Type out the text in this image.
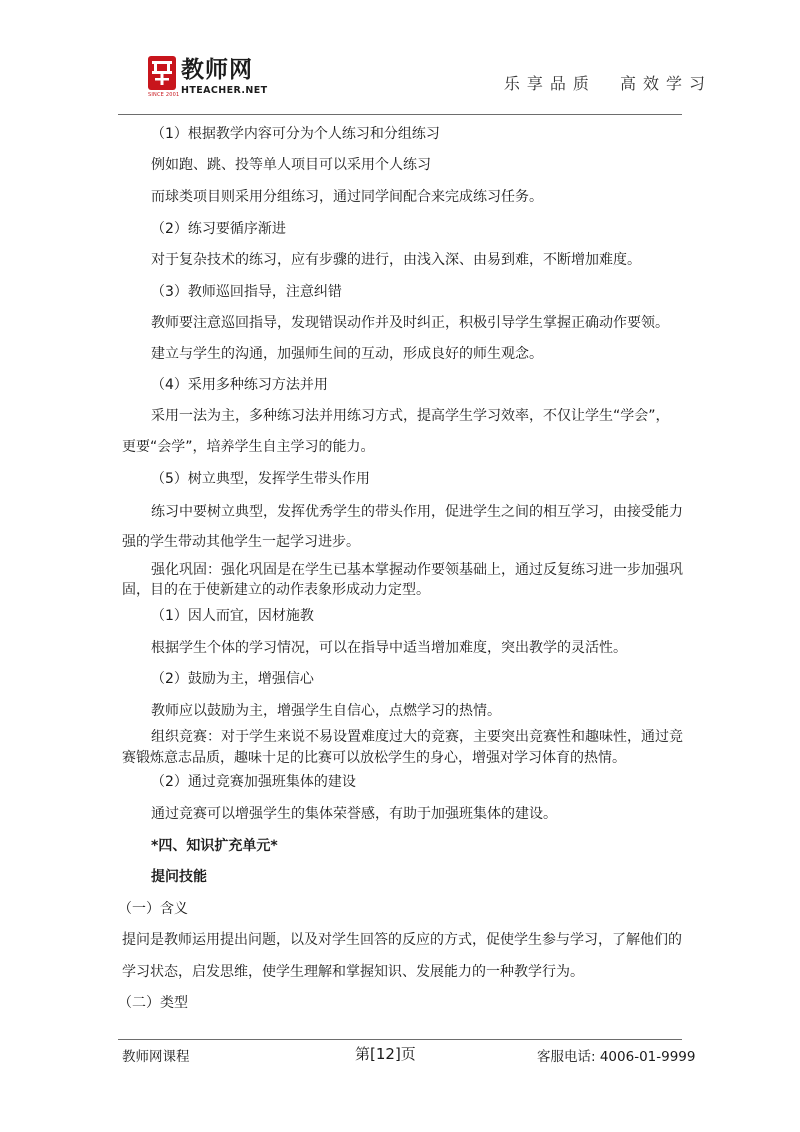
教师网
HTEACHER.NET
SINCE 2001
乐享品质  高效学习
（1）根据教学内容可分为个人练习和分组练习
例如跑、跳、投等单人项目可以采用个人练习
而球类项目则采用分组练习，通过同学间配合来完成练习任务。
（2）练习要循序渐进
对于复杂技术的练习，应有步骤的进行，由浅入深、由易到难，不断增加难度。
（3）教师巡回指导，注意纠错
教师要注意巡回指导，发现错误动作并及时纠正，积极引导学生掌握正确动作要领。
建立与学生的沟通，加强师生间的互动，形成良好的师生观念。
（4）采用多种练习方法并用
采用一法为主，多种练习法并用练习方式，提高学生学习效率，不仅让学生“学会”，
更要“会学”，培养学生自主学习的能力。
（5）树立典型，发挥学生带头作用
练习中要树立典型，发挥优秀学生的带头作用，促进学生之间的相互学习，由接受能力
强的学生带动其他学生一起学习进步。
强化巩固：强化巩固是在学生已基本掌握动作要领基础上，通过反复练习进一步加强巩
固，目的在于使新建立的动作表象形成动力定型。
（1）因人而宜，因材施教
根据学生个体的学习情况，可以在指导中适当增加难度，突出教学的灵活性。
（2）鼓励为主，增强信心
教师应以鼓励为主，增强学生自信心，点燃学习的热情。
组织竞赛：对于学生来说不易设置难度过大的竞赛，主要突出竞赛性和趣味性，通过竞
赛锻炼意志品质，趣味十足的比赛可以放松学生的身心，增强对学习体育的热情。
（2）通过竞赛加强班集体的建设
通过竞赛可以增强学生的集体荣誉感，有助于加强班集体的建设。
*四、知识扩充单元*
提问技能
（一）含义
提问是教师运用提出问题，以及对学生回答的反应的方式，促使学生参与学习，了解他们的
学习状态，启发思维，使学生理解和掌握知识、发展能力的一种教学行为。
（二）类型
教师网课程	第[12]页	客服电话: 4006-01-9999
